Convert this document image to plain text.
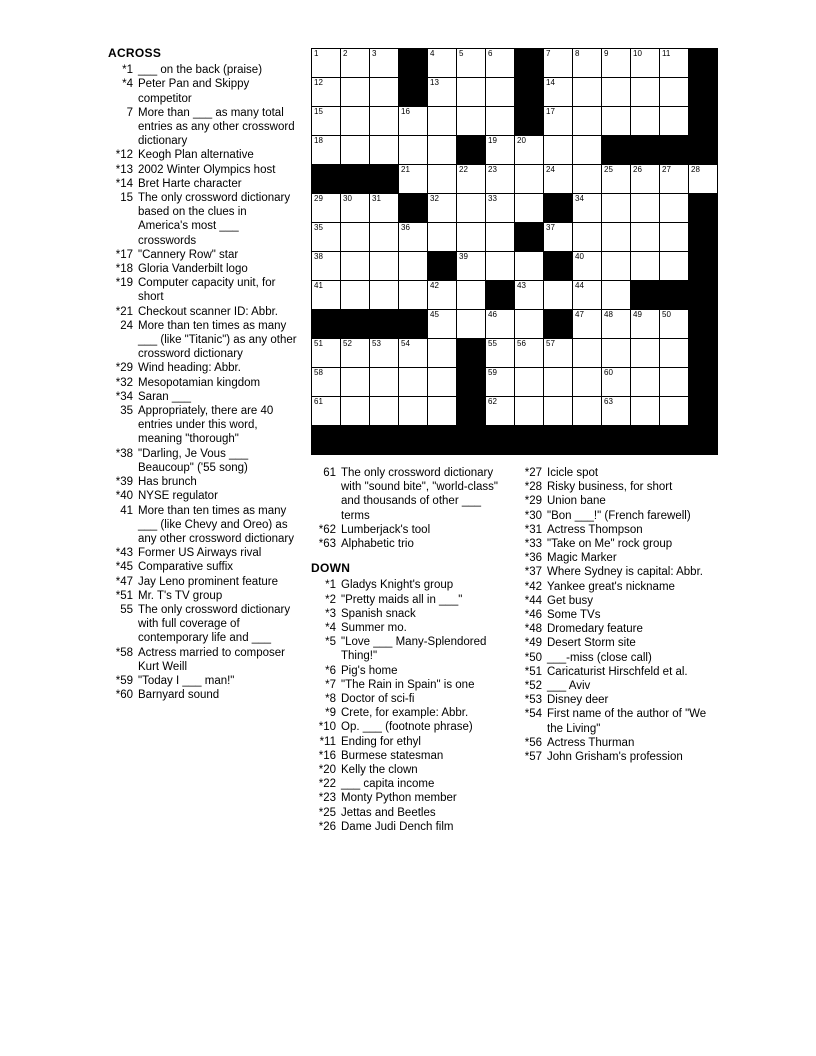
1	2	3		4	5	6		7	8	9	10	11	

12				13				14					

15			16					17					

18						19	20						

			21		22	23		24		25	26	27	28

29	30	31		32		33			34				

35			36					37					

38					39				40				

41				42			43		44				

				45		46			47	48	49	50	

51	52	53	54			55	56	57					

58						59				60			

61						62				63			

ACROSS
*1 ___ on the back (praise)
*4 Peter Pan and Skippy competitor
7 More than ___ as many total entries as any other crossword dictionary
*12 Keogh Plan alternative
*13 2002 Winter Olympics host
*14 Bret Harte character
15 The only crossword dictionary based on the clues in America's most ___ crosswords
*17 "Cannery Row" star
*18 Gloria Vanderbilt logo
*19 Computer capacity unit, for short
*21 Checkout scanner ID: Abbr.
24 More than ten times as many ___ (like "Titanic") as any other crossword dictionary
*29 Wind heading: Abbr.
*32 Mesopotamian kingdom
*34 Saran ___
35 Appropriately, there are 40 entries under this word, meaning "thorough"
*38 "Darling, Je Vous ___ Beaucoup" ('55 song)
*39 Has brunch
*40 NYSE regulator
41 More than ten times as many ___ (like Chevy and Oreo) as any other crossword dictionary
*43 Former US Airways rival
*45 Comparative suffix
*47 Jay Leno prominent feature
*51 Mr. T's TV group
55 The only crossword dictionary with full coverage of contemporary life and ___
*58 Actress married to composer Kurt Weill
*59 "Today I ___ man!"
*60 Barnyard sound
61 The only crossword dictionary with "sound bite", "world-class" and thousands of other ___ terms
*62 Lumberjack's tool
*63 Alphabetic trio
DOWN
*1 Gladys Knight's group
*2 "Pretty maids all in ___"
*3 Spanish snack
*4 Summer mo.
*5 "Love ___ Many-Splendored Thing!"
*6 Pig's home
*7 "The Rain in Spain" is one
*8 Doctor of sci-fi
*9 Crete, for example: Abbr.
*10 Op. ___ (footnote phrase)
*11 Ending for ethyl
*16 Burmese statesman
*20 Kelly the clown
*22 ___ capita income
*23 Monty Python member
*25 Jettas and Beetles
*26 Dame Judi Dench film
*27 Icicle spot
*28 Risky business, for short
*29 Union bane
*30 "Bon ___!" (French farewell)
*31 Actress Thompson
*33 "Take on Me" rock group
*36 Magic Marker
*37 Where Sydney is capital: Abbr.
*42 Yankee great's nickname
*44 Get busy
*46 Some TVs
*48 Dromedary feature
*49 Desert Storm site
*50 ___-miss (close call)
*51 Caricaturist Hirschfeld et al.
*52 ___ Aviv
*53 Disney deer
*54 First name of the author of "We the Living"
*56 Actress Thurman
*57 John Grisham's profession
